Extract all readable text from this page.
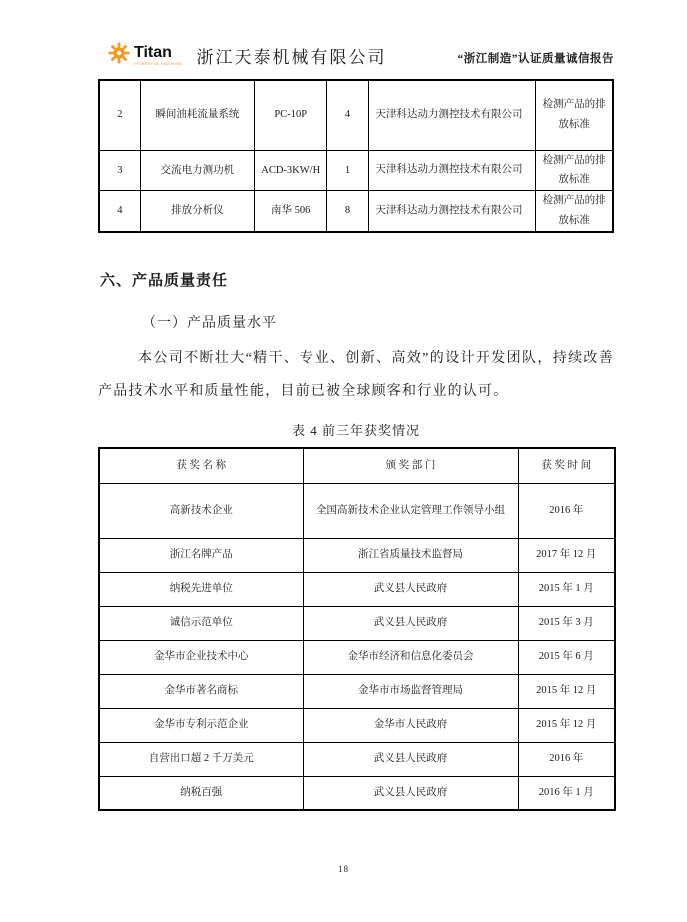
Titan
POWERFUL MACHINE 浙江天泰机械有限公司	“浙江制造”认证质量诚信报告
2	瞬间油耗流量系统	PC-10P	4	天津科达动力测控技术有限公司	检测产品的排放标准
3	交流电力测功机	ACD-3KW/H	1	天津科达动力测控技术有限公司	检测产品的排放标准
4	排放分析仪	南华 506	8	天津科达动力测控技术有限公司	检测产品的排放标准
六、产品质量责任
（一）产品质量水平

本公司不断壮大“精干、专业、创新、高效”的设计开发团队，持续改善产品技术水平和质量性能，目前已被全球顾客和行业的认可。

表 4 前三年获奖情况
获 奖 名 称	颁 奖 部 门	获 奖 时 间
高新技术企业	全国高新技术企业认定管理工作领导小组	2016 年
浙江名牌产品	浙江省质量技术监督局	2017 年 12 月
纳税先进单位	武义县人民政府	2015 年 1 月
诚信示范单位	武义县人民政府	2015 年 3 月
金华市企业技术中心	金华市经济和信息化委员会	2015 年 6 月
金华市著名商标	金华市市场监督管理局	2015 年 12 月
金华市专利示范企业	金华市人民政府	2015 年 12 月
自营出口超 2 千万美元	武义县人民政府	2016 年
纳税百强	武义县人民政府	2016 年 1 月
18
